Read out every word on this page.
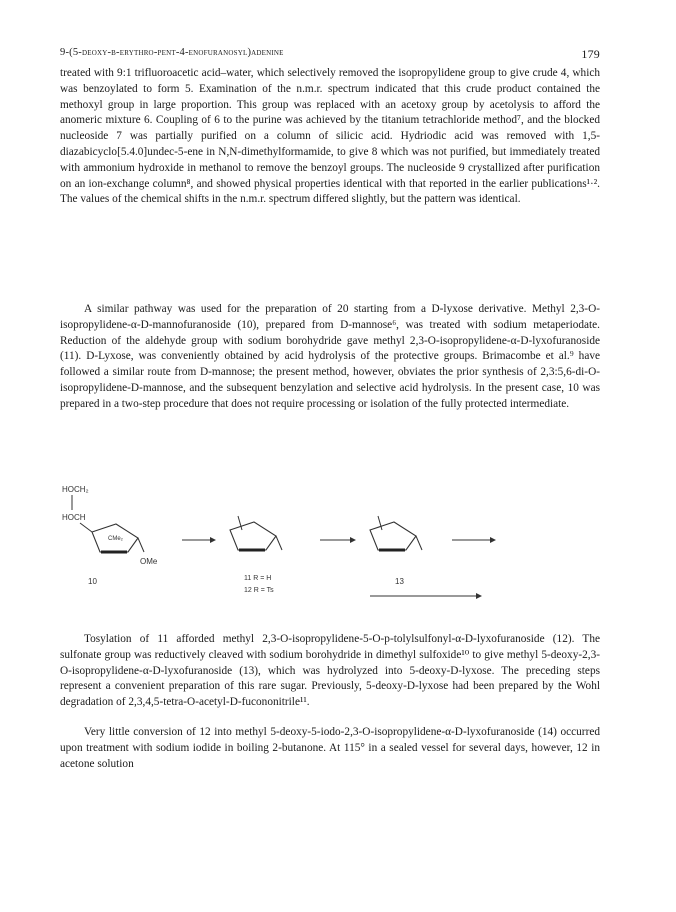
9-(5-deoxy-β-erythro-pent-4-enofuranosyl)adenine	179

treated with 9:1 trifluoroacetic acid–water, which selectively removed the isopropylidene group to give crude 4, which was benzoylated to form 5. Examination of the n.m.r. spectrum indicated that this crude product contained the methoxyl group in large proportion. This group was replaced with an acetoxy group by acetolysis to afford the anomeric mixture 6. Coupling of 6 to the purine was achieved by the titanium tetrachloride method⁷, and the blocked nucleoside 7 was partially purified on a column of silicic acid. Hydriodic acid was removed with 1,5-diazabicyclo[5.4.0]undec-5-ene in N,N-dimethylformamide, to give 8 which was not purified, but immediately treated with ammonium hydroxide in methanol to remove the benzoyl groups. The nucleoside 9 crystallized after purification on an ion-exchange column⁸, and showed physical properties identical with that reported in the earlier publications¹·². The values of the chemical shifts in the n.m.r. spectrum differed slightly, but the pattern was identical.

A similar pathway was used for the preparation of 20 starting from a D-lyxose derivative. Methyl 2,3-O-isopropylidene-α-D-mannofuranoside (10), prepared from D-mannose⁶, was treated with sodium metaperiodate. Reduction of the aldehyde group with sodium borohydride gave methyl 2,3-O-isopropylidene-α-D-lyxofuranoside (11). D-Lyxose, was conveniently obtained by acid hydrolysis of the protective groups. Brimacombe et al.⁹ have followed a similar route from D-mannose; the present method, however, obviates the prior synthesis of 2,3:5,6-di-O-isopropylidene-D-mannose, and the subsequent benzylation and selective acid hydrolysis. In the present case, 10 was prepared in a two-step procedure that does not require processing or isolation of the fully protected intermediate.

HOCH₂
HOCH
CMe₂
OMe
10	11 R = H
12 R = Ts
13

Tosylation of 11 afforded methyl 2,3-O-isopropylidene-5-O-p-tolylsulfonyl-α-D-lyxofuranoside (12). The sulfonate group was reductively cleaved with sodium borohydride in dimethyl sulfoxide¹⁰ to give methyl 5-deoxy-2,3-O-isopropylidene-α-D-lyxofuranoside (13), which was hydrolyzed into 5-deoxy-D-lyxose. The preceding steps represent a convenient preparation of this rare sugar. Previously, 5-deoxy-D-lyxose had been prepared by the Wohl degradation of 2,3,4,5-tetra-O-acetyl-D-fucononitrile¹¹.

Very little conversion of 12 into methyl 5-deoxy-5-iodo-2,3-O-isopropylidene-α-D-lyxofuranoside (14) occurred upon treatment with sodium iodide in boiling 2-butanone. At 115° in a sealed vessel for several days, however, 12 in acetone solution
